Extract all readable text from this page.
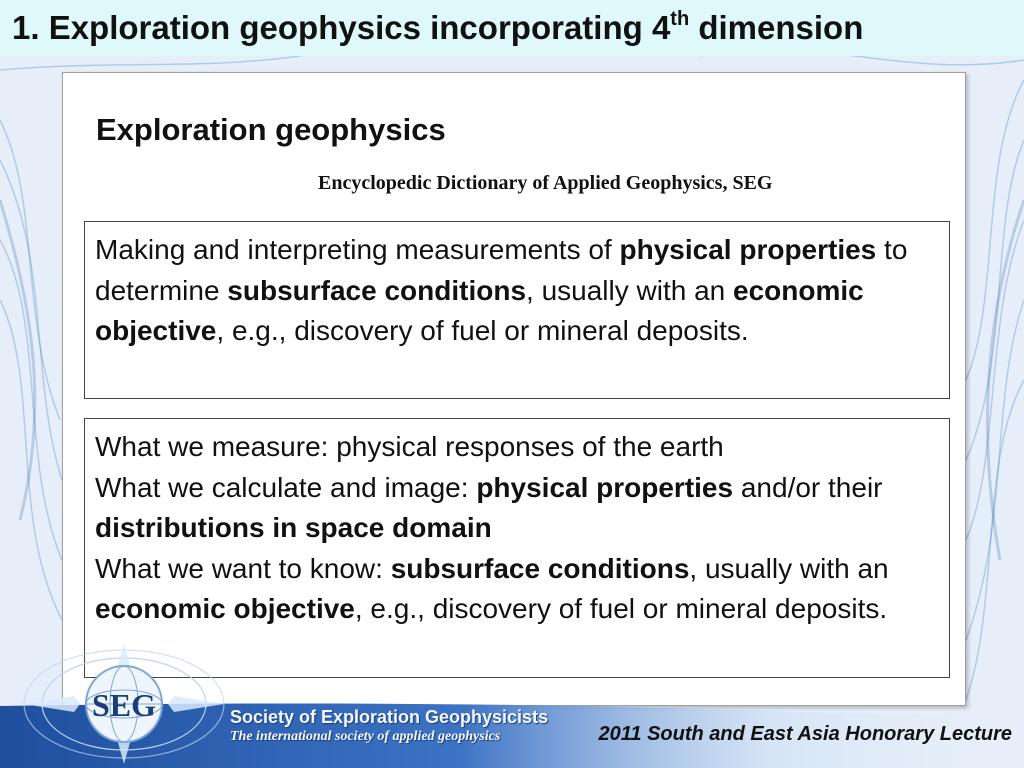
1. Exploration geophysics incorporating 4th dimension
Exploration geophysics
Encyclopedic Dictionary of Applied Geophysics, SEG

Making and interpreting measurements of physical properties to determine subsurface conditions, usually with an economic objective, e.g., discovery of fuel or mineral deposits.

What we measure: physical responses of the earth

What we calculate and image: physical properties and/or their distributions in space domain

What we want to know: subsurface conditions, usually with an economic objective, e.g., discovery of fuel or mineral deposits.

SEG	Society of Exploration Geophysicists
The international society of applied geophysics	2011 South and East Asia Honorary Lecture
